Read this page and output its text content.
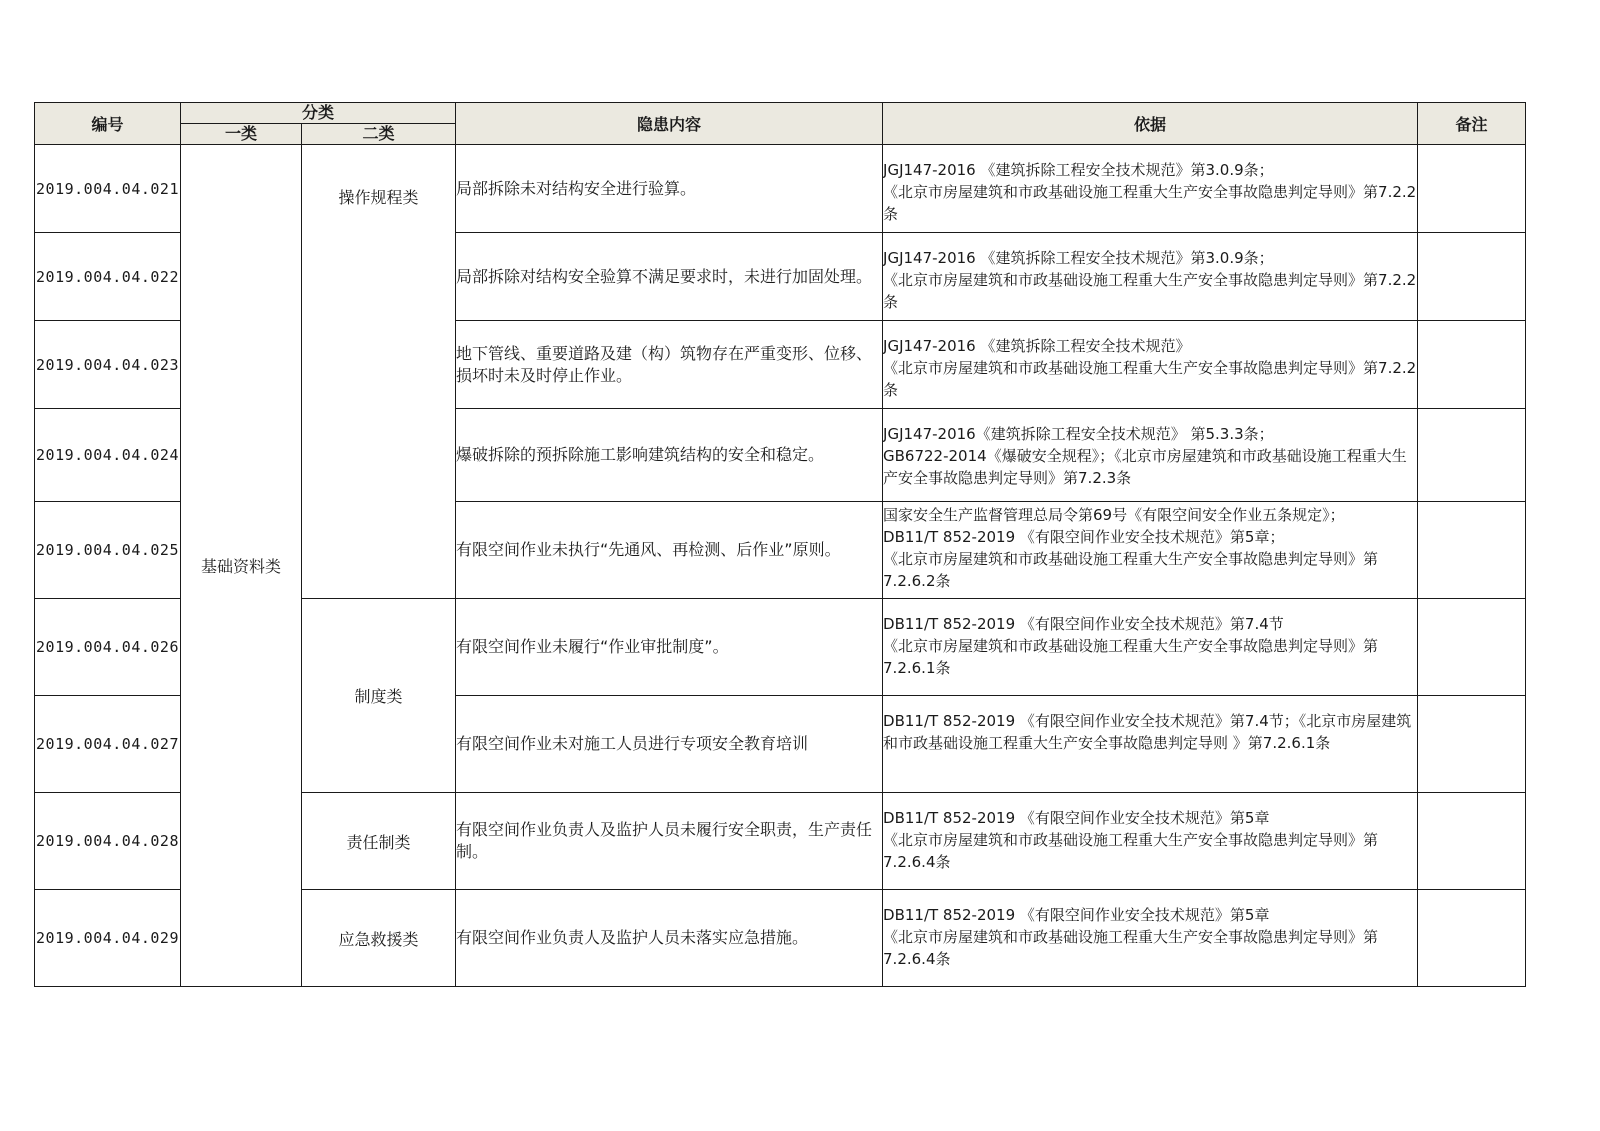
编号	分类		隐患内容	依据	备注
	一类	二类			
2019.004.04.021	基础资料类	操作规程类	局部拆除未对结构安全进行验算。	JGJ147-2016 《建筑拆除工程安全技术规范》第3.0.9条；
《北京市房屋建筑和市政基础设施工程重大生产安全事故隐患判定导则》第7.2.2条	

2019.004.04.022			局部拆除对结构安全验算不满足要求时，未进行加固处理。	JGJ147-2016 《建筑拆除工程安全技术规范》第3.0.9条；
《北京市房屋建筑和市政基础设施工程重大生产安全事故隐患判定导则》第7.2.2条	

2019.004.04.023			地下管线、重要道路及建（构）筑物存在严重变形、位移、损坏时未及时停止作业。	JGJ147-2016 《建筑拆除工程安全技术规范》
《北京市房屋建筑和市政基础设施工程重大生产安全事故隐患判定导则》第7.2.2条	

2019.004.04.024			爆破拆除的预拆除施工影响建筑结构的安全和稳定。	JGJ147-2016《建筑拆除工程安全技术规范》 第5.3.3条；
GB6722-2014《爆破安全规程》；《北京市房屋建筑和市政基础设施工程重大生产安全事故隐患判定导则》第7.2.3条	

2019.004.04.025			有限空间作业未执行“先通风、再检测、后作业”原则。	国家安全生产监督管理总局令第69号《有限空间安全作业五条规定》；
DB11/T 852-2019 《有限空间作业安全技术规范》第5章；
《北京市房屋建筑和市政基础设施工程重大生产安全事故隐患判定导则》第7.2.6.2条	

2019.004.04.026		制度类	有限空间作业未履行“作业审批制度”。	DB11/T 852-2019 《有限空间作业安全技术规范》第7.4节
《北京市房屋建筑和市政基础设施工程重大生产安全事故隐患判定导则》第7.2.6.1条	

2019.004.04.027			有限空间作业未对施工人员进行专项安全教育培训	DB11/T 852-2019 《有限空间作业安全技术规范》第7.4节；《北京市房屋建筑和市政基础设施工程重大生产安全事故隐患判定导则 》第7.2.6.1条	

2019.004.04.028		责任制类	有限空间作业负责人及监护人员未履行安全职责，生产责任制。	DB11/T 852-2019 《有限空间作业安全技术规范》第5章
《北京市房屋建筑和市政基础设施工程重大生产安全事故隐患判定导则》第7.2.6.4条	

2019.004.04.029		应急救援类	有限空间作业负责人及监护人员未落实应急措施。	DB11/T 852-2019 《有限空间作业安全技术规范》第5章
《北京市房屋建筑和市政基础设施工程重大生产安全事故隐患判定导则》第7.2.6.4条	
